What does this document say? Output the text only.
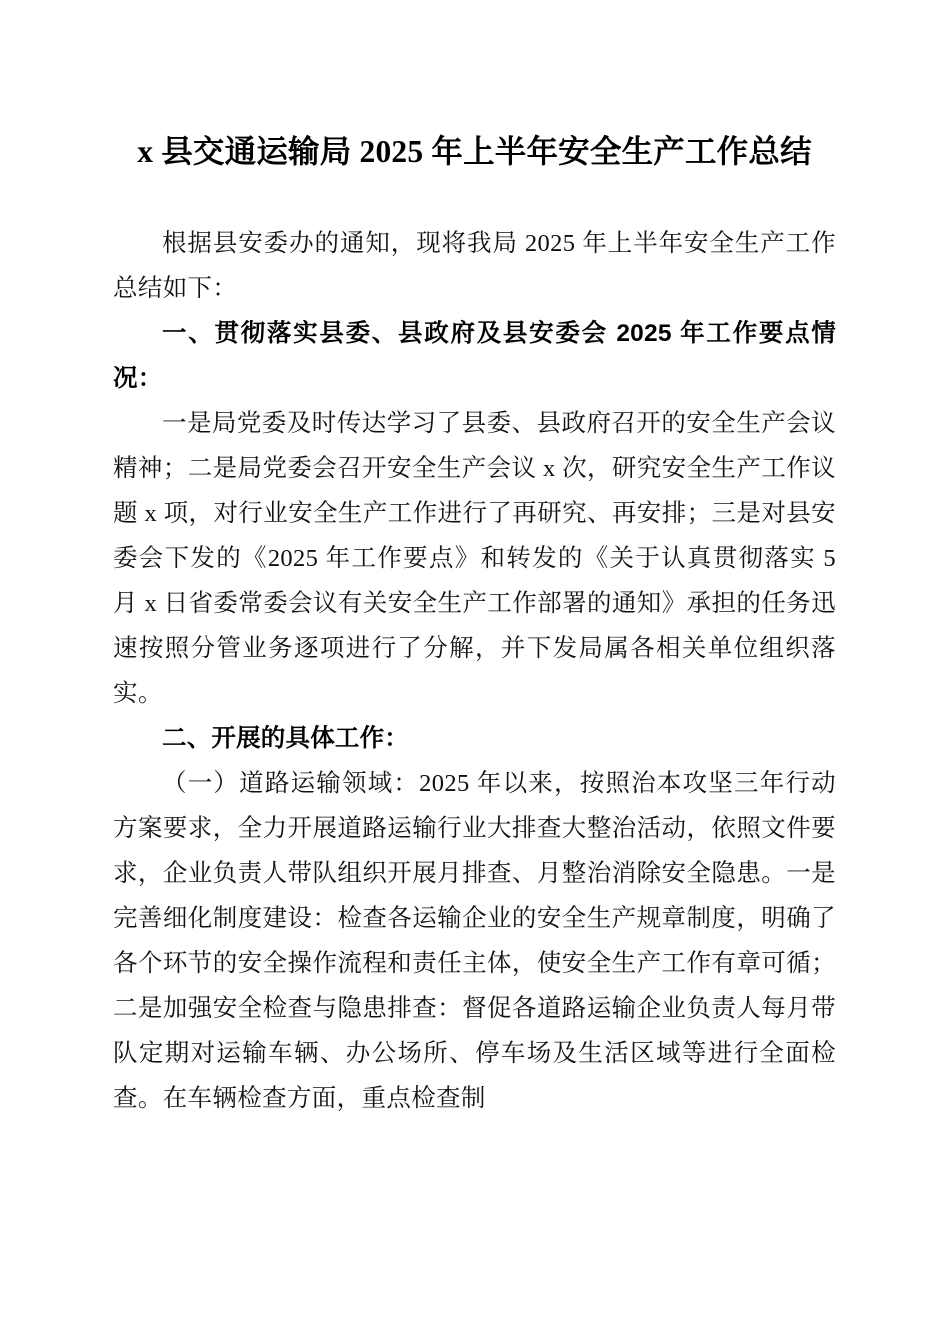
x 县交通运输局 2025 年上半年安全生产工作总结

根据县安委办的通知，现将我局 2025 年上半年安全生产工作总结如下：

一、贯彻落实县委、县政府及县安委会 2025 年工作要点情况：

一是局党委及时传达学习了县委、县政府召开的安全生产会议精神；二是局党委会召开安全生产会议 x 次，研究安全生产工作议题 x 项，对行业安全生产工作进行了再研究、再安排；三是对县安委会下发的《2025 年工作要点》和转发的《关于认真贯彻落实 5 月 x 日省委常委会议有关安全生产工作部署的通知》承担的任务迅速按照分管业务逐项进行了分解，并下发局属各相关单位组织落实。

二、开展的具体工作：

（一）道路运输领域：2025 年以来，按照治本攻坚三年行动方案要求，全力开展道路运输行业大排查大整治活动，依照文件要求，企业负责人带队组织开展月排查、月整治消除安全隐患。一是完善细化制度建设：检查各运输企业的安全生产规章制度，明确了各个环节的安全操作流程和责任主体，使安全生产工作有章可循；二是加强安全检查与隐患排查：督促各道路运输企业负责人每月带队定期对运输车辆、办公场所、停车场及生活区域等进行全面检查。在车辆检查方面，重点检查制
